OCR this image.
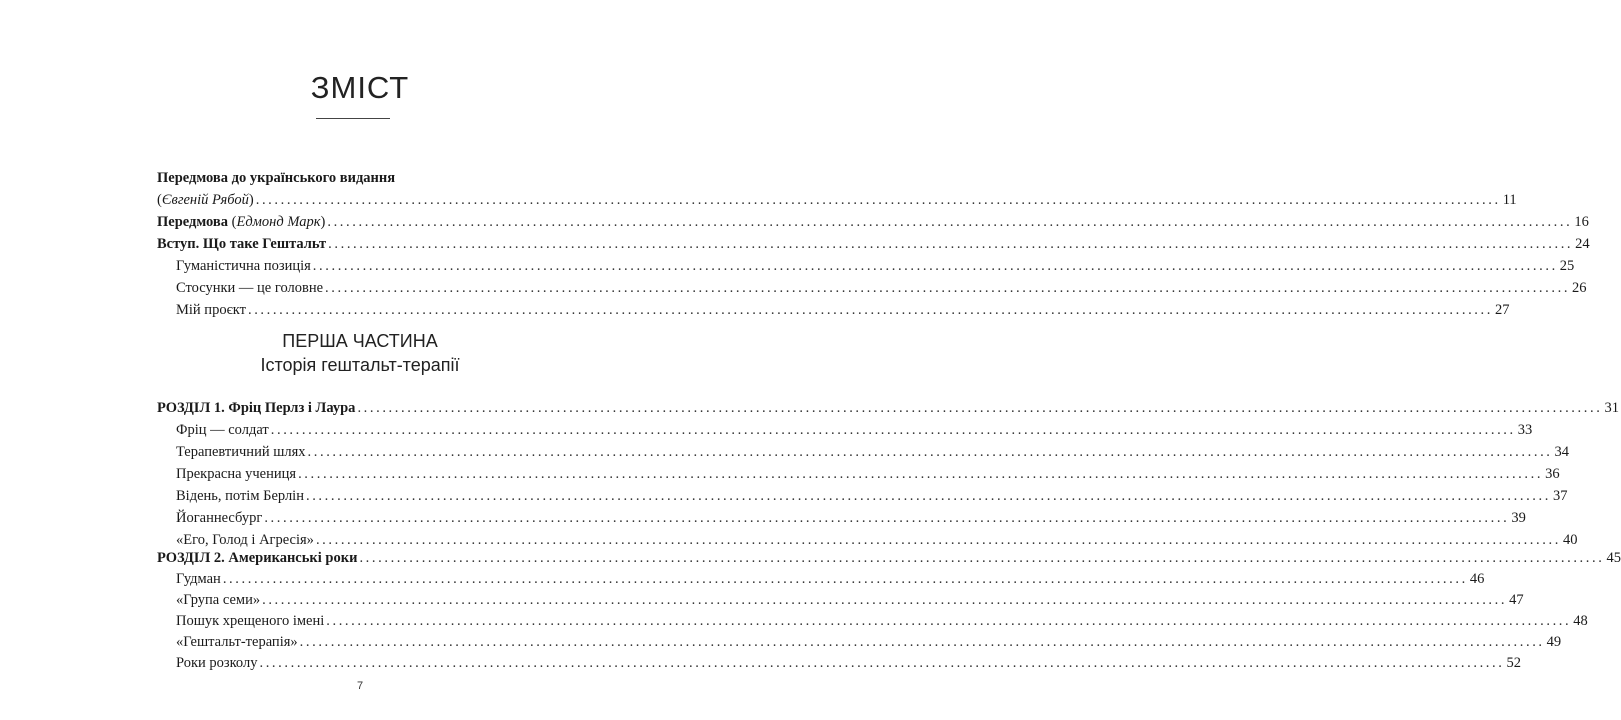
ЗМІСТ
Передмова до українського видання
(Євгеній Рябой) ........................................................................................................................................................................................................ 11
Передмова (Едмонд Марк) ........................................................................................................................................................................................................ 16
Вступ. Що таке Гештальт ........................................................................................................................................................................................................ 24
Гуманістична позиція ........................................................................................................................................................................................................ 25
Стосунки — це головне ........................................................................................................................................................................................................ 26
Мій проєкт ........................................................................................................................................................................................................ 27
ПЕРША ЧАСТИНА
Історія гештальт-терапії
РОЗДІЛ 1. Фріц Перлз і Лаура ........................................................................................................................................................................................................ 31
Фріц — солдат ........................................................................................................................................................................................................ 33
Терапевтичний шлях ........................................................................................................................................................................................................ 34
Прекрасна учениця ........................................................................................................................................................................................................ 36
Відень, потім Берлін ........................................................................................................................................................................................................ 37
Йоганнесбург ........................................................................................................................................................................................................ 39
«Его, Голод і Агресія» ........................................................................................................................................................................................................ 40
РОЗДІЛ 2. Американські роки ........................................................................................................................................................................................................ 45
Гудман ........................................................................................................................................................................................................ 46
«Група семи» ........................................................................................................................................................................................................ 47
Пошук хрещеного імені ........................................................................................................................................................................................................ 48
«Гештальт-терапія» ........................................................................................................................................................................................................ 49
Роки розколу ........................................................................................................................................................................................................ 52
7
